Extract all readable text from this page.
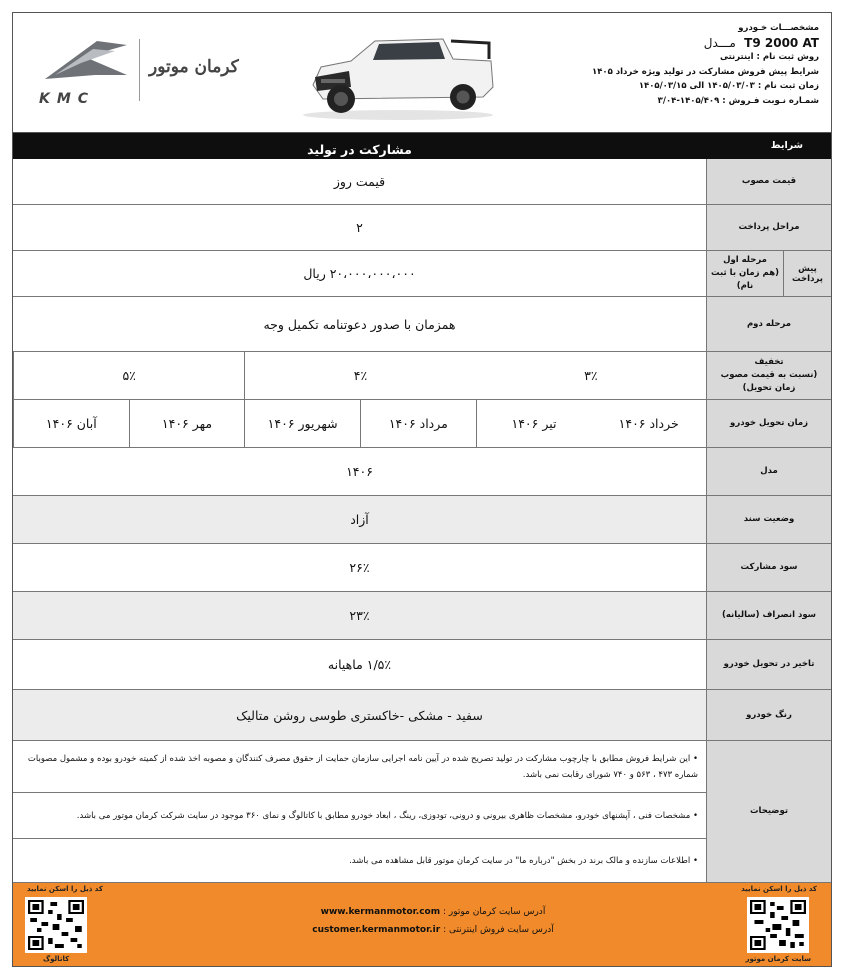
مشخصـــات خـودرو
T9 2000 AT  مـــدل
روش ثبت نام : اینترنتی
شرایط پیش فروش مشارکت در تولید ویژه خرداد ۱۴۰۵
زمان ثبت نام : ۱۴۰۵/۰۳/۰۳ الی ۱۴۰۵/۰۳/۱۵
شمـاره نـوبت فـروش : ۱۴۰۵/۴۰۹-۳/۰۴
کرمان موتور
KMC
شرایط
مشارکت در تولید
قیمت مصوب
قیمت روز
مراحل پرداخت
۲
پیش پرداخت
مرحله اول
(هم زمان با ثبت نام)
۲۰،۰۰۰،۰۰۰،۰۰۰ ریال
مرحله دوم
همزمان با صدور دعوتنامه تکمیل وجه
تخفیف
(نسبت به قیمت مصوب زمان تحویل)
۳٪
۴٪
۵٪
زمان تحویل خودرو
خرداد ۱۴۰۶
تیر ۱۴۰۶
مرداد ۱۴۰۶
شهریور ۱۴۰۶
مهر ۱۴۰۶
آبان ۱۴۰۶
مدل
۱۴۰۶
وضعیت سند
آزاد
سود مشارکت
۲۶٪
سود انصراف (سالیانه)
۲۳٪
تاخیر در تحویل خودرو
۱/۵٪ ماهیانه
رنگ خودرو
سفید - مشکی -خاکستری طوسی روشن متالیک
توضیحات
• این شرایط فروش مطابق با چارچوب مشارکت در تولید تصریح شده در آیین نامه اجرایی سازمان حمایت از حقوق مصرف کنندگان و مصوبه اخذ شده از کمیته خودرو بوده و مشمول مصوبات شماره ۴۷۳ ، ۵۶۳ و ۷۴۰ شورای رقابت نمی باشد.
• مشخصات فنی ، آپشنهای خودرو، مشخصات ظاهری بیرونی و درونی، تودوزی، رینگ ، ابعاد خودرو مطابق با کاتالوگ و نمای ۳۶۰ موجود در سایت شرکت کرمان موتور می باشد.
• اطلاعات سازنده و مالک برند در بخش "درباره ما" در سایت کرمان موتور قابل مشاهده می باشد.
کد ذیل را اسکن نمایید
سایت کرمان موتور
آدرس سایت کرمان موتور : www.kermanmotor.com
آدرس سایت فروش اینترنتی : customer.kermanmotor.ir
کد ذیل را اسکن نمایید
کاتالوگ
